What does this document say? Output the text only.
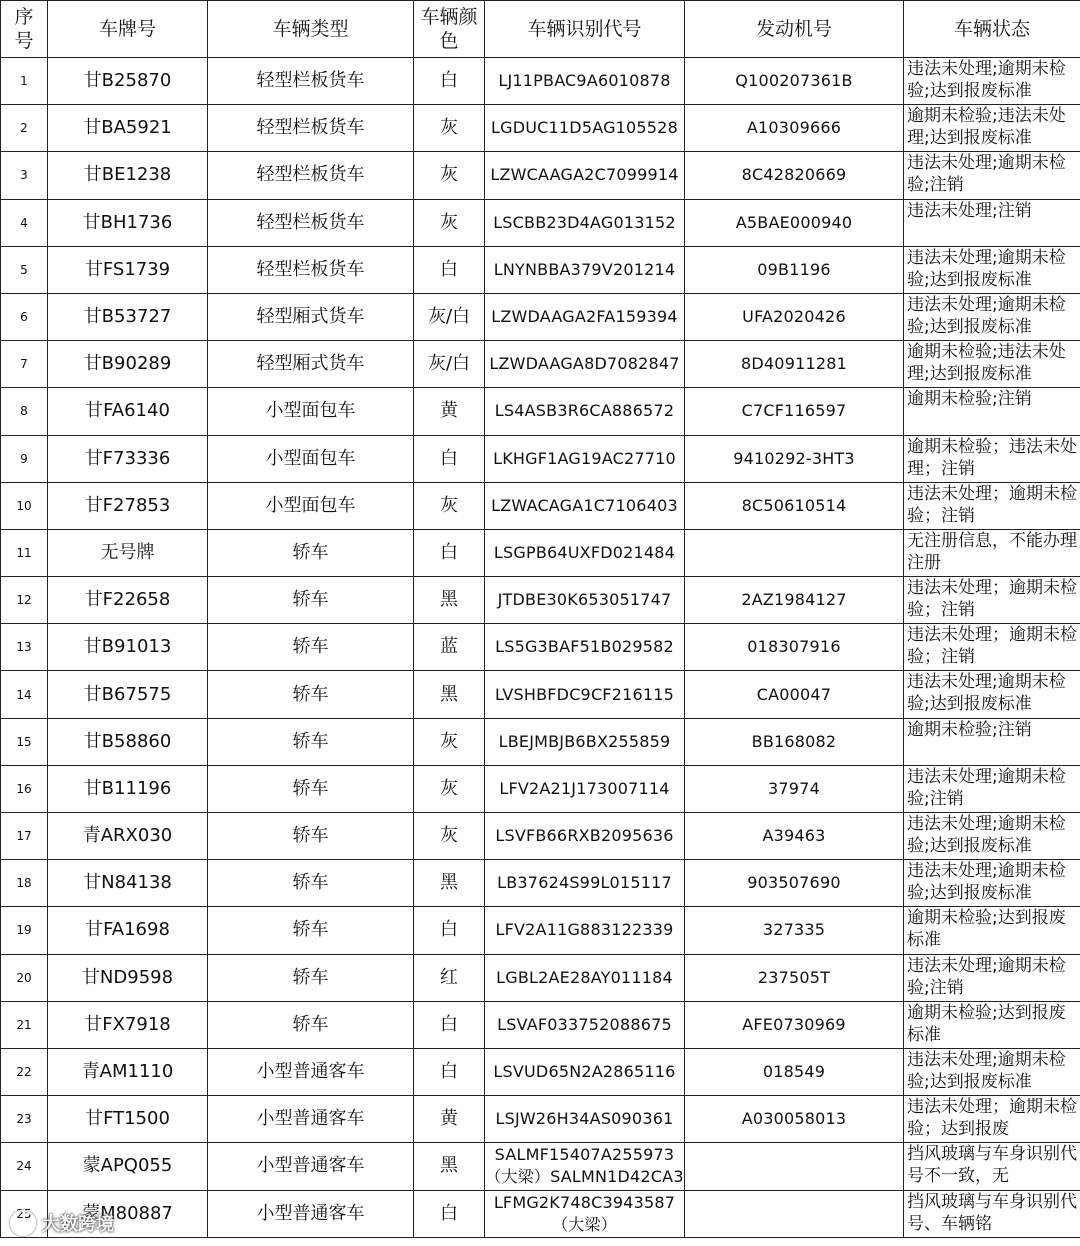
序号	车牌号	车辆类型	车辆颜色	车辆识别代号	发动机号	车辆状态

1	甘B25870	轻型栏板货车	白	LJ11PBAC9A6010878	Q100207361B	违法未处理;逾期未检验;达到报废标准

2	甘BA5921	轻型栏板货车	灰	LGDUC11D5AG105528	A10309666	逾期未检验;违法未处理;达到报废标准

3	甘BE1238	轻型栏板货车	灰	LZWCAAGA2C7099914	8C42820669	违法未处理;逾期未检验;注销

4	甘BH1736	轻型栏板货车	灰	LSCBB23D4AG013152	A5BAE000940	违法未处理;注销

5	甘FS1739	轻型栏板货车	白	LNYNBBA379V201214	09B1196	违法未处理;逾期未检验;达到报废标准

6	甘B53727	轻型厢式货车	灰/白	LZWDAAGA2FA159394	UFA2020426	违法未处理;逾期未检验;达到报废标准

7	甘B90289	轻型厢式货车	灰/白	LZWDAAGA8D7082847	8D40911281	逾期未检验;违法未处理;达到报废标准

8	甘FA6140	小型面包车	黄	LS4ASB3R6CA886572	C7CF116597	逾期未检验;注销

9	甘F73336	小型面包车	白	LKHGF1AG19AC27710	9410292-3HT3	逾期未检验；违法未处理；注销

10	甘F27853	小型面包车	灰	LZWACAGA1C7106403	8C50610514	违法未处理；逾期未检验；注销

11	无号牌	轿车	白	LSGPB64UXFD021484		无注册信息，不能办理注册

12	甘F22658	轿车	黑	JTDBE30K653051747	2AZ1984127	违法未处理；逾期未检验；注销

13	甘B91013	轿车	蓝	LS5G3BAF51B029582	018307916	违法未处理；逾期未检验；注销

14	甘B67575	轿车	黑	LVSHBFDC9CF216115	CA00047	违法未处理;逾期未检验;达到报废标准

15	甘B58860	轿车	灰	LBEJMBJB6BX255859	BB168082	逾期未检验;注销

16	甘B11196	轿车	灰	LFV2A21J173007114	37974	违法未处理;逾期未检验;注销

17	青ARX030	轿车	灰	LSVFB66RXB2095636	A39463	违法未处理;逾期未检验;达到报废标准

18	甘N84138	轿车	黑	LB37624S99L015117	903507690	违法未处理;逾期未检验;达到报废标准

19	甘FA1698	轿车	白	LFV2A11G883122339	327335	逾期未检验;达到报废标准

20	甘ND9598	轿车	红	LGBL2AE28AY011184	237505T	违法未处理;逾期未检验;注销

21	甘FX7918	轿车	白	LSVAF033752088675	AFE0730969	逾期未检验;达到报废标准

22	青AM1110	小型普通客车	白	LSVUD65N2A2865116	018549	违法未处理;逾期未检验;达到报废标准

23	甘FT1500	小型普通客车	黄	LSJW26H34AS090361	A030058013	违法未处理；逾期未检验；达到报废

24	蒙APQ055	小型普通客车	黑	SALMF15407A255973（大梁）SALMN1D42CA3		挡风玻璃与车身识别代号不一致，无

25	蒙M80887	小型普通客车	白	LFMG2K748C3943587（大梁）		挡风玻璃与车身识别代号、车辆铭
大数跨境
